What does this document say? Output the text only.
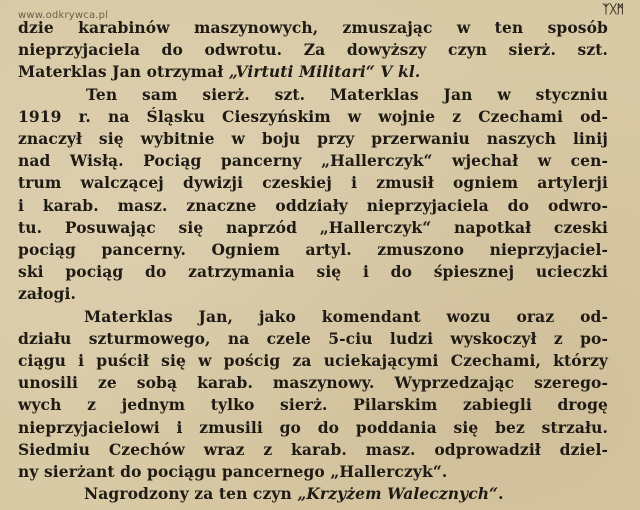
www.odkrywca.pl	ᛉᚷᛗ
dzie karabinów maszynowych, zmuszając w ten sposób
nieprzyjaciela do odwrotu. Za dowyższy czyn sierż. szt.
Materklas Jan otrzymał „Virtuti Militari“ V kl.
Ten sam sierż. szt. Materklas Jan w styczniu
1919 r. na Śląsku Cieszyńskim w wojnie z Czechami od-
znaczył się wybitnie w boju przy przerwaniu naszych linij
nad Wisłą. Pociąg pancerny „Hallerczyk“ wjechał w cen-
trum walczącej dywizji czeskiej i zmusił ogniem artylerji
i karab. masz. znaczne oddziały nieprzyjaciela do odwro-
tu. Posuwając się naprzód „Hallerczyk“ napotkał czeski
pociąg pancerny. Ogniem artyl. zmuszono nieprzyjaciel-
ski pociąg do zatrzymania się i do śpiesznej ucieczki
załogi.
Materklas Jan, jako komendant wozu oraz od-
działu szturmowego, na czele 5-ciu ludzi wyskoczył z po-
ciągu i puścił się w pościg za uciekającymi Czechami, którzy
unosili ze sobą karab. maszynowy. Wyprzedzając szerego-
wych z jednym tylko sierż. Pilarskim zabiegli drogę
nieprzyjacielowi i zmusili go do poddania się bez strzału.
Siedmiu Czechów wraz z karab. masz. odprowadził dziel-
ny sierżant do pociągu pancernego „Hallerczyk“.
Nagrodzony za ten czyn „Krzyżem Walecznych“.
